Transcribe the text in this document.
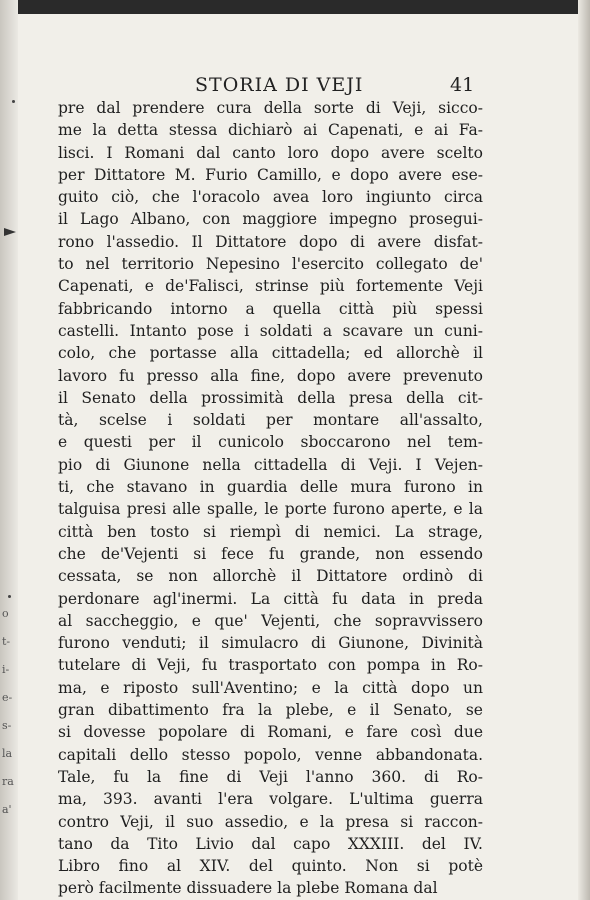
STORIA DI VEJI	41
pre dal prendere cura della sorte di Veji, sicco-
me la detta stessa dichiarò ai Capenati, e ai Fa-
lisci. I Romani dal canto loro dopo avere scelto
per Dittatore M. Furio Camillo, e dopo avere ese-
guito ciò, che l'oracolo avea loro ingiunto circa
il Lago Albano, con maggiore impegno prosegui-
rono l'assedio. Il Dittatore dopo di avere disfat-
to nel territorio Nepesino l'esercito collegato de'
Capenati, e de'Falisci, strinse più fortemente Veji
fabbricando intorno a quella città più spessi
castelli. Intanto pose i soldati a scavare un cuni-
colo, che portasse alla cittadella; ed allorchè il
lavoro fu presso alla fine, dopo avere prevenuto
il Senato della prossimità della presa della cit-
tà, scelse i soldati per montare all'assalto,
e questi per il cunicolo sboccarono nel tem-
pio di Giunone nella cittadella di Veji. I Vejen-
ti, che stavano in guardia delle mura furono in
talguisa presi alle spalle, le porte furono aperte, e la
città ben tosto si riempì di nemici. La strage,
che de'Vejenti si fece fu grande, non essendo
cessata, se non allorchè il Dittatore ordinò di
perdonare agl'inermi. La città fu data in preda
al saccheggio, e que' Vejenti, che sopravvissero
furono venduti; il simulacro di Giunone, Divinità
tutelare di Veji, fu trasportato con pompa in Ro-
ma, e riposto sull'Aventino; e la città dopo un
gran dibattimento fra la plebe, e il Senato, se
si dovesse popolare di Romani, e fare così due
capitali dello stesso popolo, venne abbandonata.
Tale, fu la fine di Veji l'anno 360. di Ro-
ma, 393. avanti l'era volgare. L'ultima guerra
contro Veji, il suo assedio, e la presa si raccon-
tano da Tito Livio dal capo XXXIII. del IV.
Libro fino al XIV. del quinto. Non si potè
però facilmente dissuadere la plebe Romana dal
o
t-
i-
e-
s-
la
ra
a'
